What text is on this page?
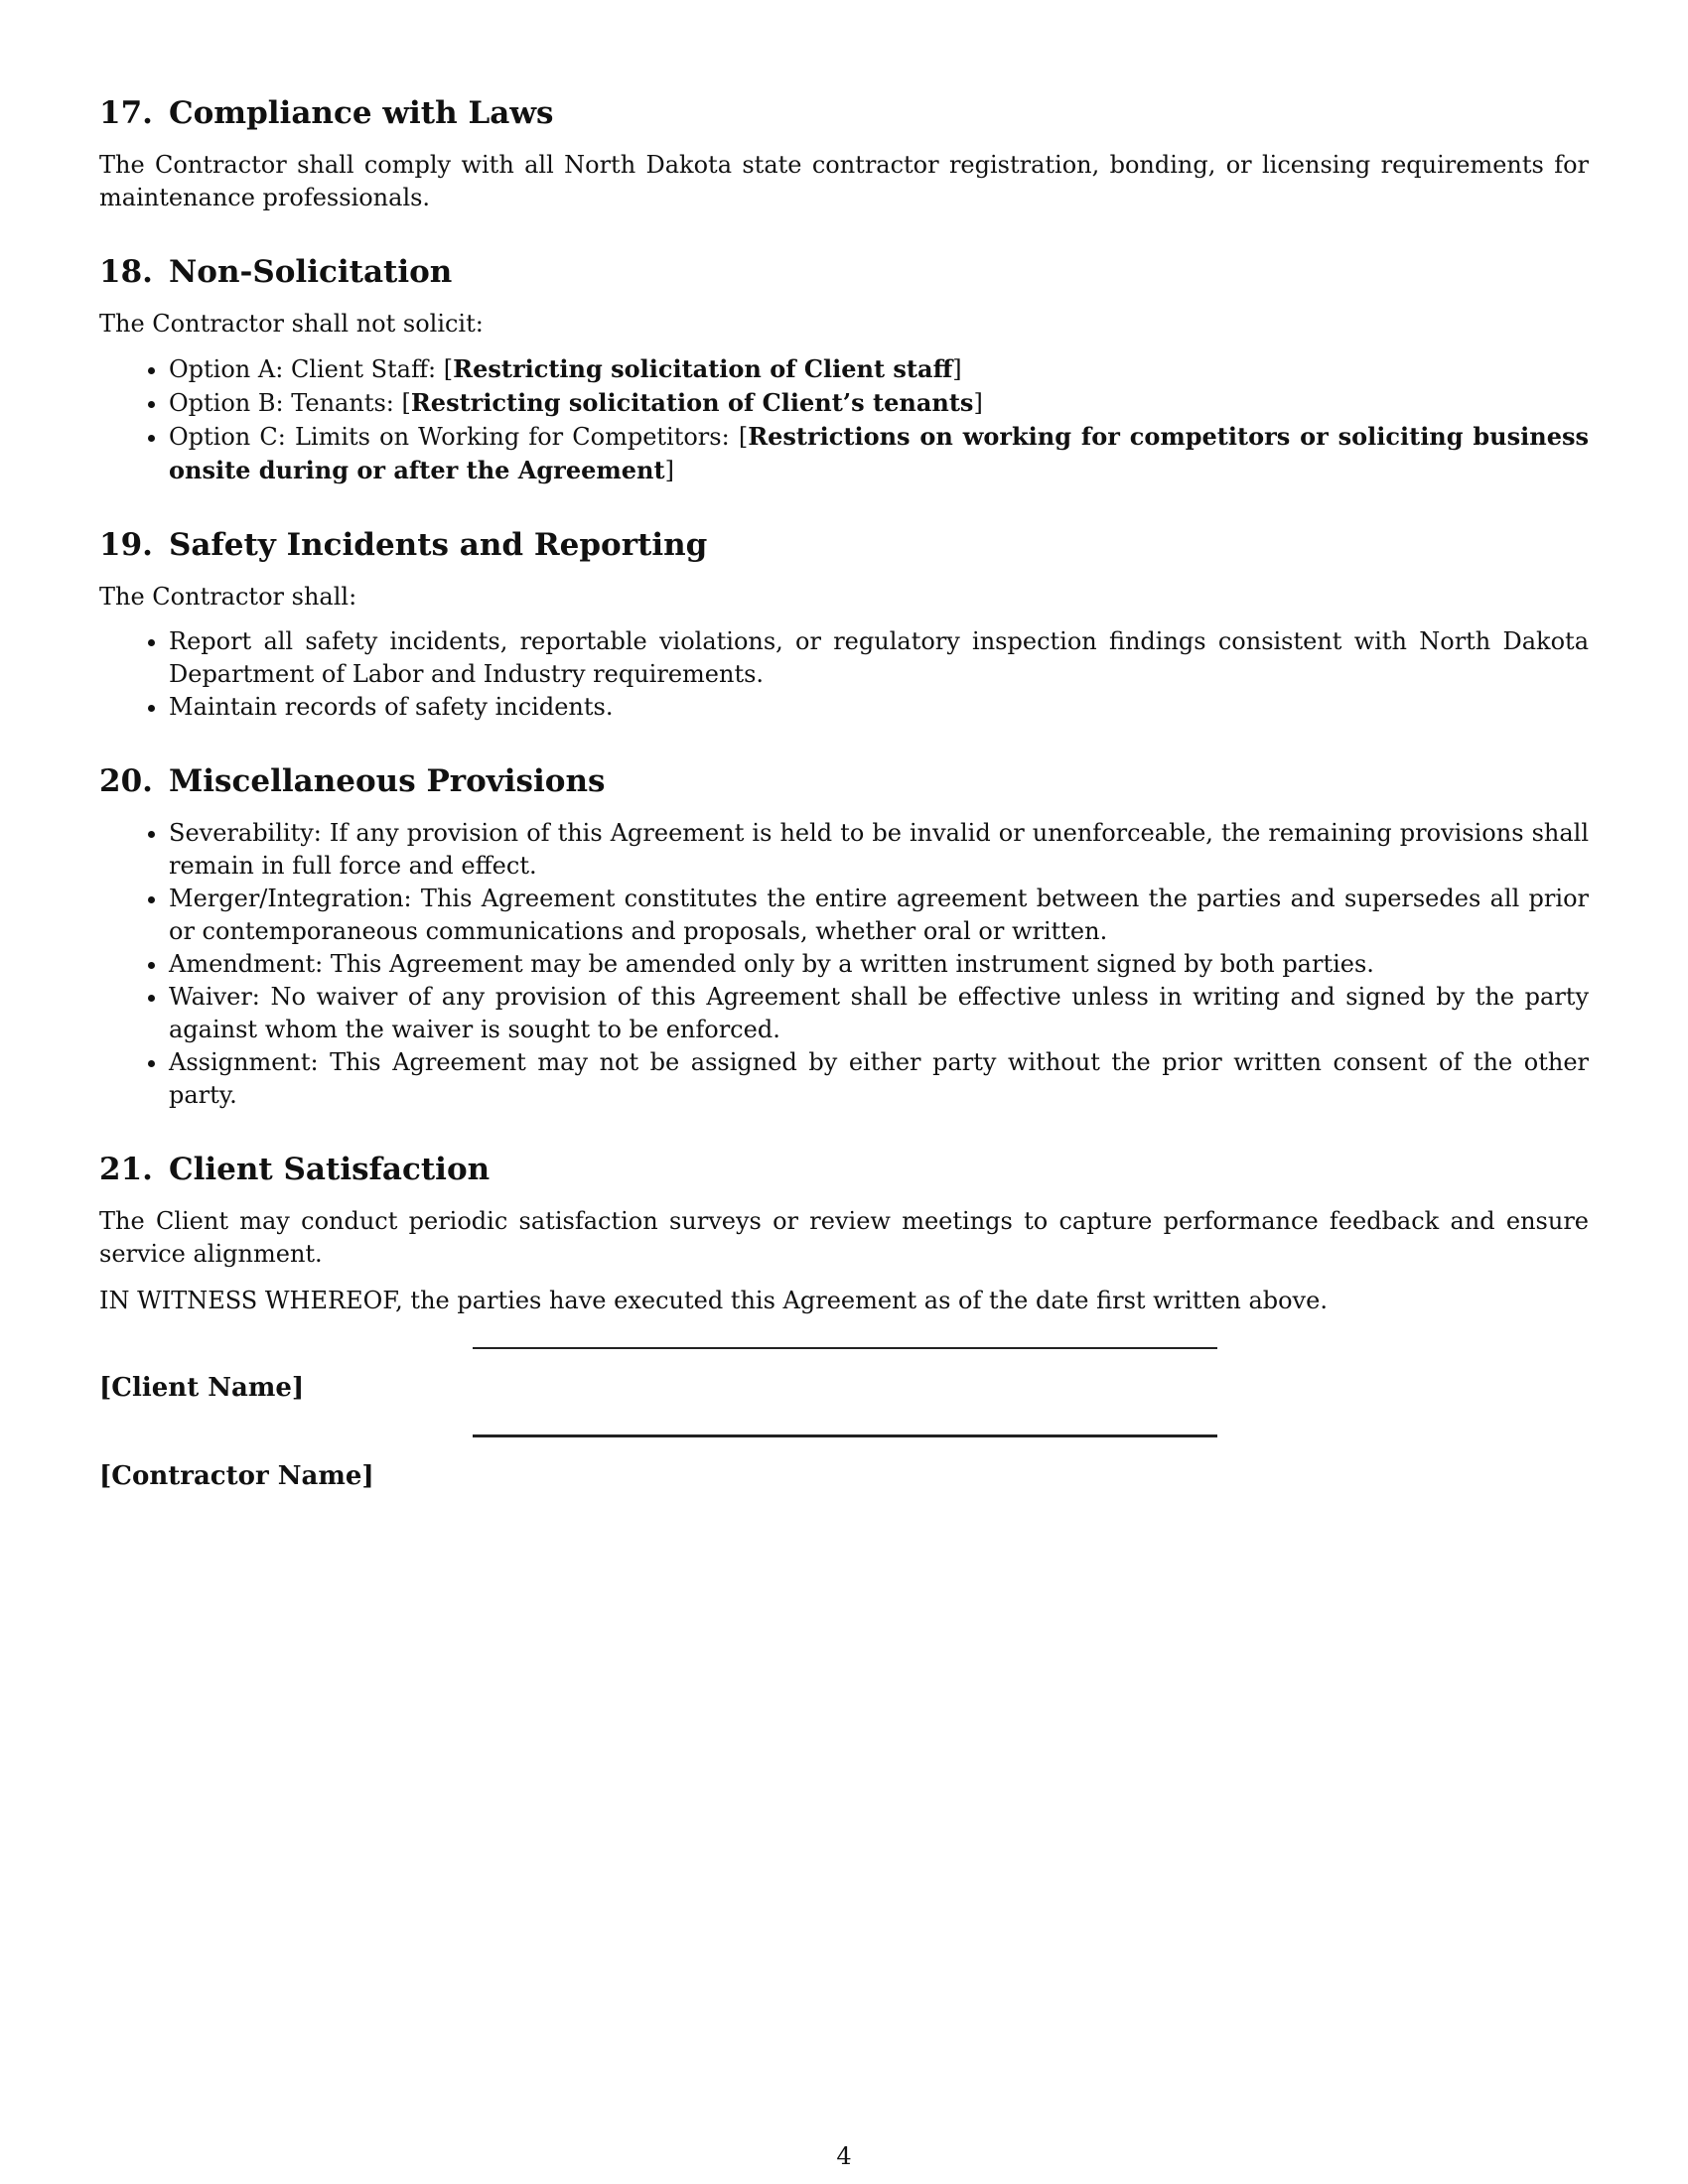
17. Compliance with Laws

The Contractor shall comply with all North Dakota state contractor registration, bonding, or licensing requirements for maintenance professionals.

18. Non-Solicitation

The Contractor shall not solicit:

• Option A: Client Staff: [Restricting solicitation of Client staff]
• Option B: Tenants: [Restricting solicitation of Client’s tenants]
• Option C: Limits on Working for Competitors: [Restrictions on working for competitors or soliciting business onsite during or after the Agreement]
19. Safety Incidents and Reporting

The Contractor shall:

• Report all safety incidents, reportable violations, or regulatory inspection findings consistent with North Dakota Department of Labor and Industry requirements.
• Maintain records of safety incidents.
20. Miscellaneous Provisions
• Severability: If any provision of this Agreement is held to be invalid or unenforceable, the remaining provisions shall remain in full force and effect.
• Merger/Integration: This Agreement constitutes the entire agreement between the parties and supersedes all prior or contemporaneous communications and proposals, whether oral or written.
• Amendment: This Agreement may be amended only by a written instrument signed by both parties.
• Waiver: No waiver of any provision of this Agreement shall be effective unless in writing and signed by the party against whom the waiver is sought to be enforced.
• Assignment: This Agreement may not be assigned by either party without the prior written consent of the other party.
21. Client Satisfaction

The Client may conduct periodic satisfaction surveys or review meetings to capture performance feedback and ensure service alignment.

IN WITNESS WHEREOF, the parties have executed this Agreement as of the date first written above.

[Client Name]
[Contractor Name]
4
